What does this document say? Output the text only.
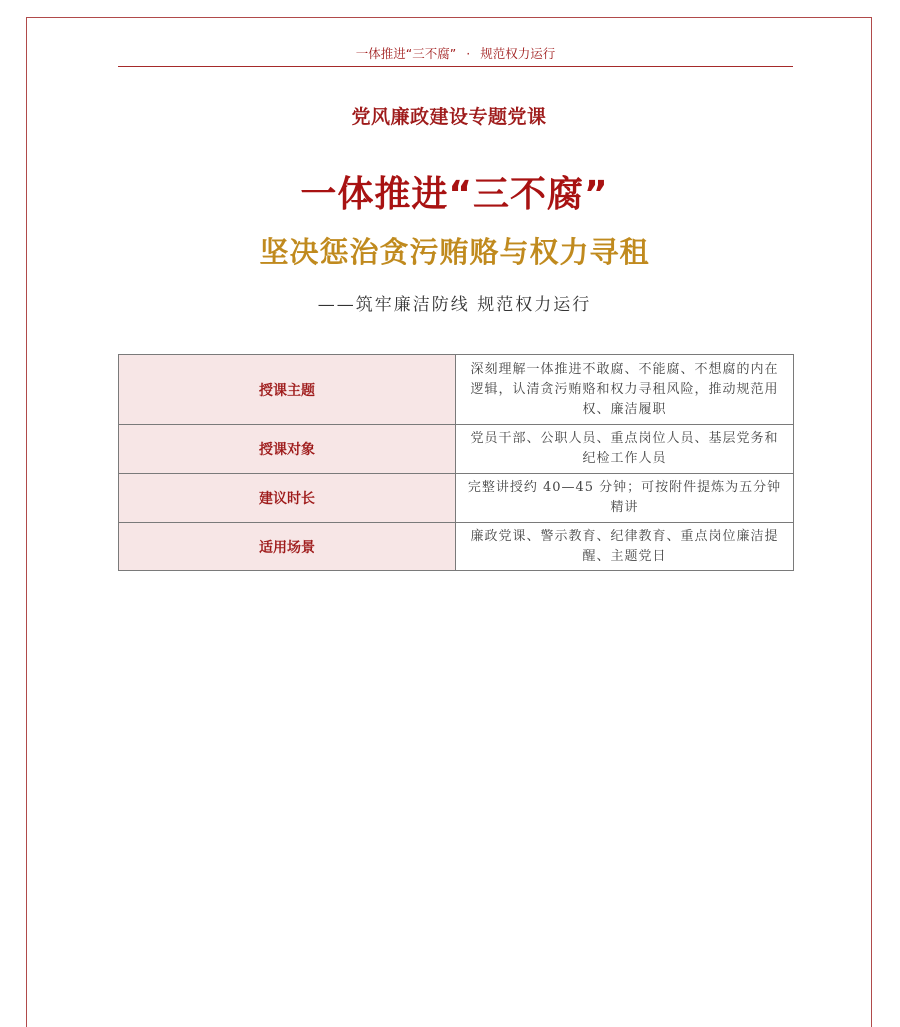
一体推进“三不腐” · 规范权力运行
党风廉政建设专题党课
一体推进“三不腐”
坚决惩治贪污贿赂与权力寻租
——筑牢廉洁防线 规范权力运行
授课主题	深刻理解一体推进不敢腐、不能腐、不想腐的内在逻辑，认清贪污贿赂和权力寻租风险，推动规范用权、廉洁履职
授课对象	党员干部、公职人员、重点岗位人员、基层党务和纪检工作人员
建议时长	完整讲授约 40—45 分钟；可按附件提炼为五分钟精讲
适用场景	廉政党课、警示教育、纪律教育、重点岗位廉洁提醒、主题党日
